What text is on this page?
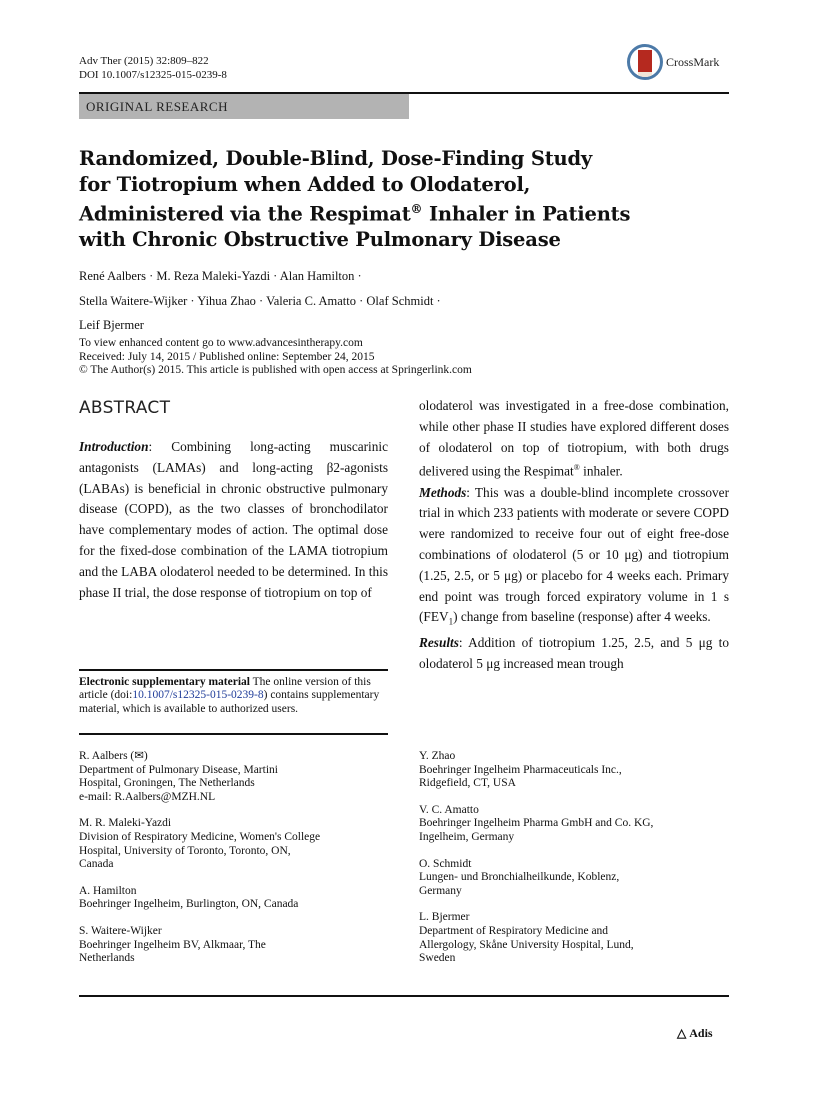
Adv Ther (2015) 32:809–822
DOI 10.1007/s12325-015-0239-8
CrossMark
ORIGINAL RESEARCH
Randomized, Double-Blind, Dose-Finding Study
for Tiotropium when Added to Olodaterol,
Administered via the Respimat® Inhaler in Patients
with Chronic Obstructive Pulmonary Disease
René Aalbers · M. Reza Maleki-Yazdi · Alan Hamilton ·
Stella Waitere-Wijker · Yihua Zhao · Valeria C. Amatto · Olaf Schmidt ·
Leif Bjermer
To view enhanced content go to www.advancesintherapy.com
Received: July 14, 2015 / Published online: September 24, 2015
© The Author(s) 2015. This article is published with open access at Springerlink.com
ABSTRACT

Introduction: Combining long-acting muscarinic antagonists (LAMAs) and long-acting β2-agonists (LABAs) is beneficial in chronic obstructive pulmonary disease (COPD), as the two classes of bronchodilator have complementary modes of action. The optimal dose for the fixed-dose combination of the LAMA tiotropium and the LABA olodaterol needed to be determined. In this phase II trial, the dose response of tiotropium on top of

olodaterol was investigated in a free-dose combination, while other phase II studies have explored different doses of olodaterol on top of tiotropium, with both drugs delivered using the Respimat® inhaler.

Methods: This was a double-blind incomplete crossover trial in which 233 patients with moderate or severe COPD were randomized to receive four out of eight free-dose combinations of olodaterol (5 or 10 μg) and tiotropium (1.25, 2.5, or 5 μg) or placebo for 4 weeks each. Primary end point was trough forced expiratory volume in 1 s $(FEV_1)$ change from baseline (response) after 4 weeks.

Results: Addition of tiotropium 1.25, 2.5, and 5 μg to olodaterol 5 μg increased mean trough

Electronic supplementary material The online version of this article (doi:10.1007/s12325-015-0239-8) contains supplementary material, which is available to authorized users.
R. Aalbers (✉)
Department of Pulmonary Disease, Martini
Hospital, Groningen, The Netherlands
e-mail: R.Aalbers@MZH.NL
M. R. Maleki-Yazdi
Division of Respiratory Medicine, Women's College
Hospital, University of Toronto, Toronto, ON,
Canada
A. Hamilton
Boehringer Ingelheim, Burlington, ON, Canada
S. Waitere-Wijker
Boehringer Ingelheim BV, Alkmaar, The
Netherlands
Y. Zhao
Boehringer Ingelheim Pharmaceuticals Inc.,
Ridgefield, CT, USA
V. C. Amatto
Boehringer Ingelheim Pharma GmbH and Co. KG,
Ingelheim, Germany
O. Schmidt
Lungen- und Bronchialheilkunde, Koblenz,
Germany
L. Bjermer
Department of Respiratory Medicine and
Allergology, Skåne University Hospital, Lund,
Sweden
△ Adis
